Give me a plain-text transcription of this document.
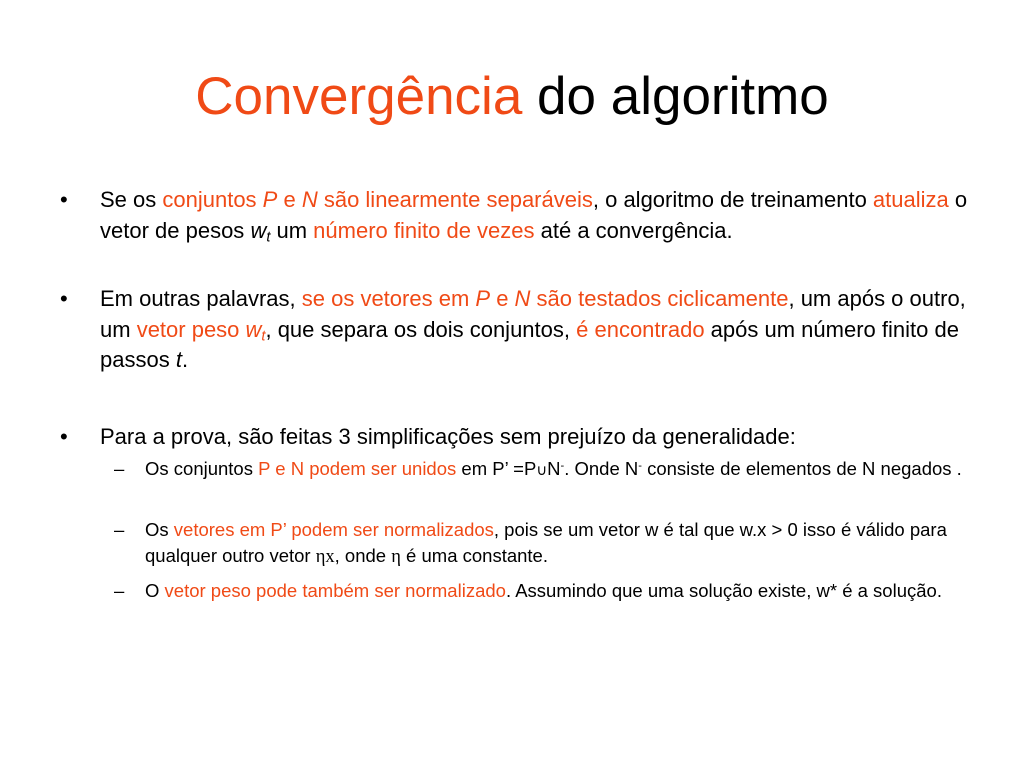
Convergência do algoritmo
• Se os conjuntos P e N são linearmente separáveis, o algoritmo de treinamento atualiza o vetor de pesos $w_t$ um número finito de vezes até a convergência.
• Em outras palavras, se os vetores em P e N são testados ciclicamente, um após o outro, um vetor peso $w_t$, que separa os dois conjuntos, é encontrado após um número finito de passos t.
• Para a prova, são feitas 3 simplificações sem prejuízo da generalidade:
– Os conjuntos P e N podem ser unidos em P’ =P∪N-. Onde N- consiste de elementos de N negados .
– Os vetores em P’ podem ser normalizados, pois se um vetor w é tal que w.x > 0 isso é válido para qualquer outro vetor ηx, onde η é uma constante.
– O vetor peso pode também ser normalizado. Assumindo que uma solução existe, w* é a solução.
